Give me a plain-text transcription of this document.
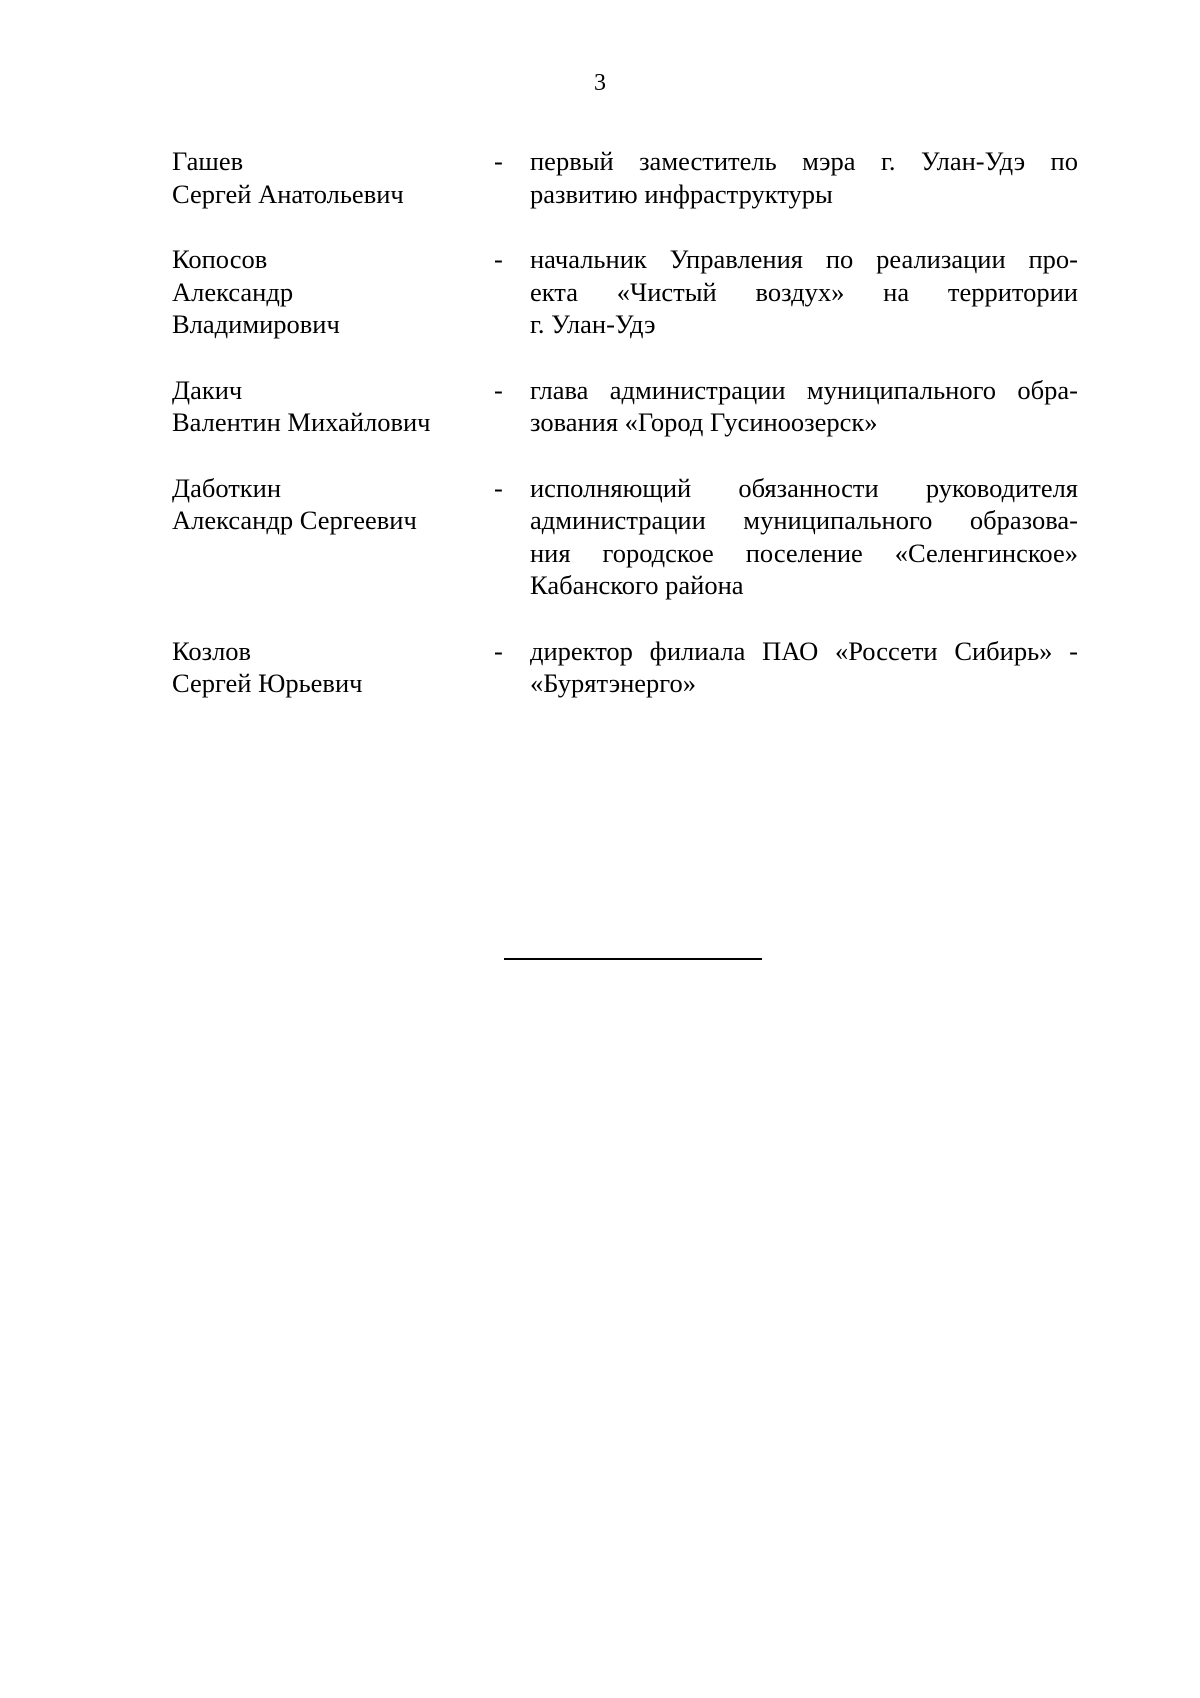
3
Гашев
Сергей Анатольевич
-	первый заместитель мэра г. Улан-Удэ по
развитию инфраструктуры
Копосов
Александр
Владимирович
-	начальник Управления по реализации про-
екта «Чистый воздух» на территории
г. Улан-Удэ
Дакич
Валентин Михайлович
-	глава администрации муниципального обра-
зования «Город Гусиноозерск»
Даботкин
Александр Сергеевич
-	исполняющий обязанности руководителя
администрации муниципального образова-
ния городское поселение «Селенгинское»
Кабанского района
Козлов
Сергей Юрьевич
-	директор филиала ПАО «Россети Сибирь» -
«Бурятэнерго»
